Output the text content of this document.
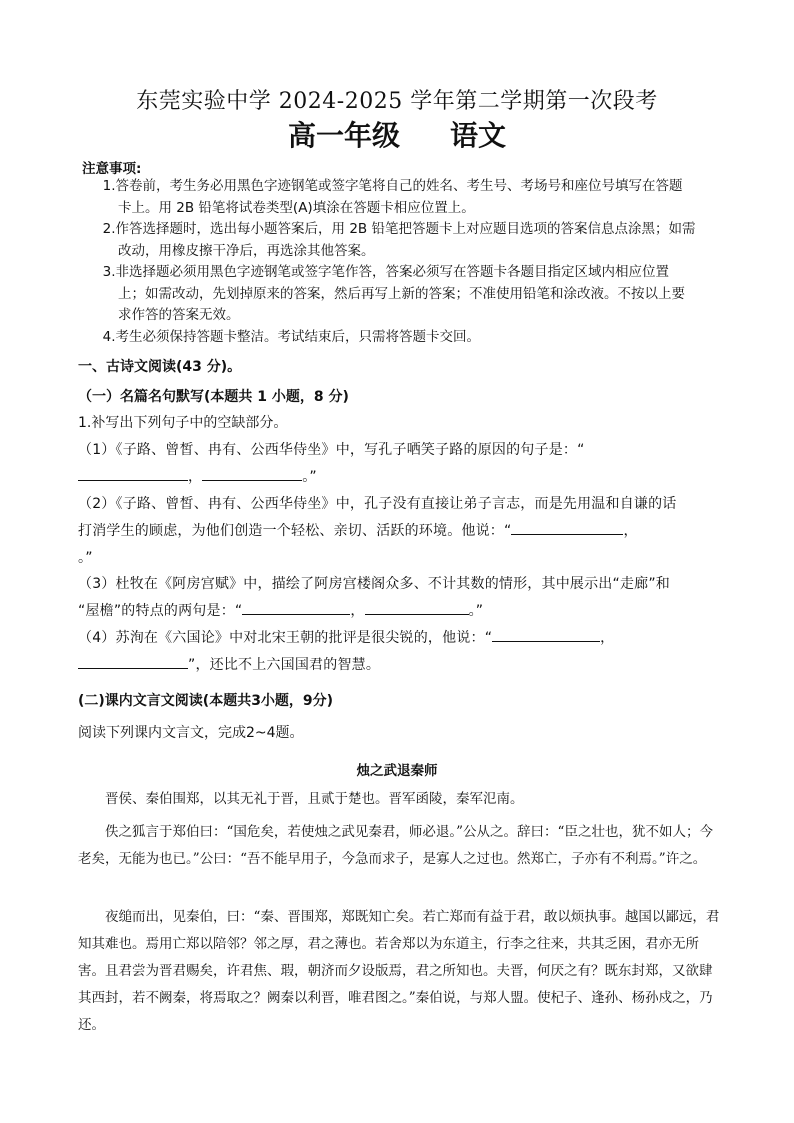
东莞实验中学 2024-2025 学年第二学期第一次段考
高一年级 语文
注意事项:
1.答卷前，考生务必用黑色字迹钢笔或签字笔将自己的姓名、考生号、考场号和座位号填写在答题
卡上。用 2B 铅笔将试卷类型(A)填涂在答题卡相应位置上。
2.作答选择题时，选出每小题答案后，用 2B 铅笔把答题卡上对应题目选项的答案信息点涂黑；如需
改动，用橡皮擦干净后，再选涂其他答案。
3.非选择题必须用黑色字迹钢笔或签字笔作答，答案必须写在答题卡各题目指定区域内相应位置
上；如需改动，先划掉原来的答案，然后再写上新的答案；不准使用铅笔和涂改液。不按以上要
求作答的答案无效。
4.考生必须保持答题卡整洁。考试结束后，只需将答题卡交回。
一、古诗文阅读(43 分)。
（一）名篇名句默写(本题共 1 小题，8 分)
1.补写出下列句子中的空缺部分。
（1）《子路、曾皙、冉有、公西华侍坐》中，写孔子哂笑子路的原因的句子是：“
，	。”
（2）《子路、曾皙、冉有、公西华侍坐》中，孔子没有直接让弟子言志，而是先用温和自谦的话
打消学生的顾虑，为他们创造一个轻松、亲切、活跃的环境。他说：“	，
。”
（3）杜牧在《阿房宫赋》中，描绘了阿房宫楼阁众多、不计其数的情形，其中展示出“走廊”和
“屋檐”的特点的两句是：“	，	。”
（4）苏洵在《六国论》中对北宋王朝的批评是很尖锐的，他说：“	，
”，还比不上六国国君的智慧。
(二)课内文言文阅读(本题共3小题，9分)
阅读下列课内文言文，完成2~4题。
烛之武退秦师
晋侯、秦伯围郑，以其无礼于晋，且贰于楚也。晋军函陵，秦军氾南。
佚之狐言于郑伯曰：“国危矣，若使烛之武见秦君，师必退。”公从之。辞曰：“臣之壮也，犹不如人；今老矣，无能为也已。”公曰：“吾不能早用子，今急而求子，是寡人之过也。然郑亡，子亦有不利焉。”许之。
夜缒而出，见秦伯，曰：“秦、晋围郑，郑既知亡矣。若亡郑而有益于君，敢以烦执事。越国以鄙远，君知其难也。焉用亡郑以陪邻？邻之厚，君之薄也。若舍郑以为东道主，行李之往来，共其乏困，君亦无所害。且君尝为晋君赐矣，许君焦、瑕，朝济而夕设版焉，君之所知也。夫晋，何厌之有？既东封郑，又欲肆其西封，若不阙秦，将焉取之？阙秦以利晋，唯君图之。”秦伯说，与郑人盟。使杞子、逢孙、杨孙戍之，乃还。
